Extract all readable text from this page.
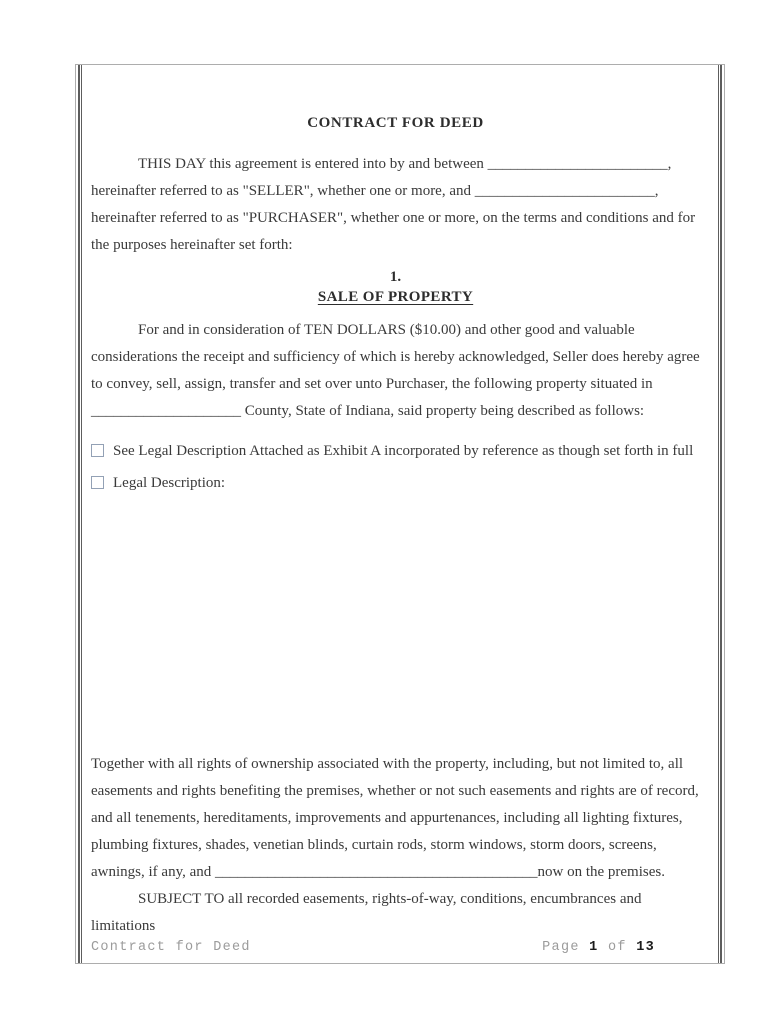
CONTRACT FOR DEED

THIS DAY this agreement is entered into by and between ________________________, hereinafter referred to as "SELLER", whether one or more, and ________________________, hereinafter referred to as "PURCHASER", whether one or more, on the terms and conditions and for the purposes hereinafter set forth:

1.
SALE OF PROPERTY

For and in consideration of TEN DOLLARS ($10.00) and other good and valuable considerations the receipt and sufficiency of which is hereby acknowledged, Seller does hereby agree to convey, sell, assign, transfer and set over unto Purchaser, the following property situated in ____________________ County, State of Indiana, said property being described as follows:

See Legal Description Attached as Exhibit A incorporated by reference as though set forth in full

Legal Description:

Together with all rights of ownership associated with the property, including, but not limited to, all easements and rights benefiting the premises, whether or not such easements and rights are of record, and all tenements, hereditaments, improvements and appurtenances, including all lighting fixtures, plumbing fixtures, shades, venetian blinds, curtain rods, storm windows, storm doors, screens, awnings, if any, and ___________________________________________now on the premises.

SUBJECT TO all recorded easements, rights-of-way, conditions, encumbrances and limitations

Contract for Deed	Page 1 of 13
